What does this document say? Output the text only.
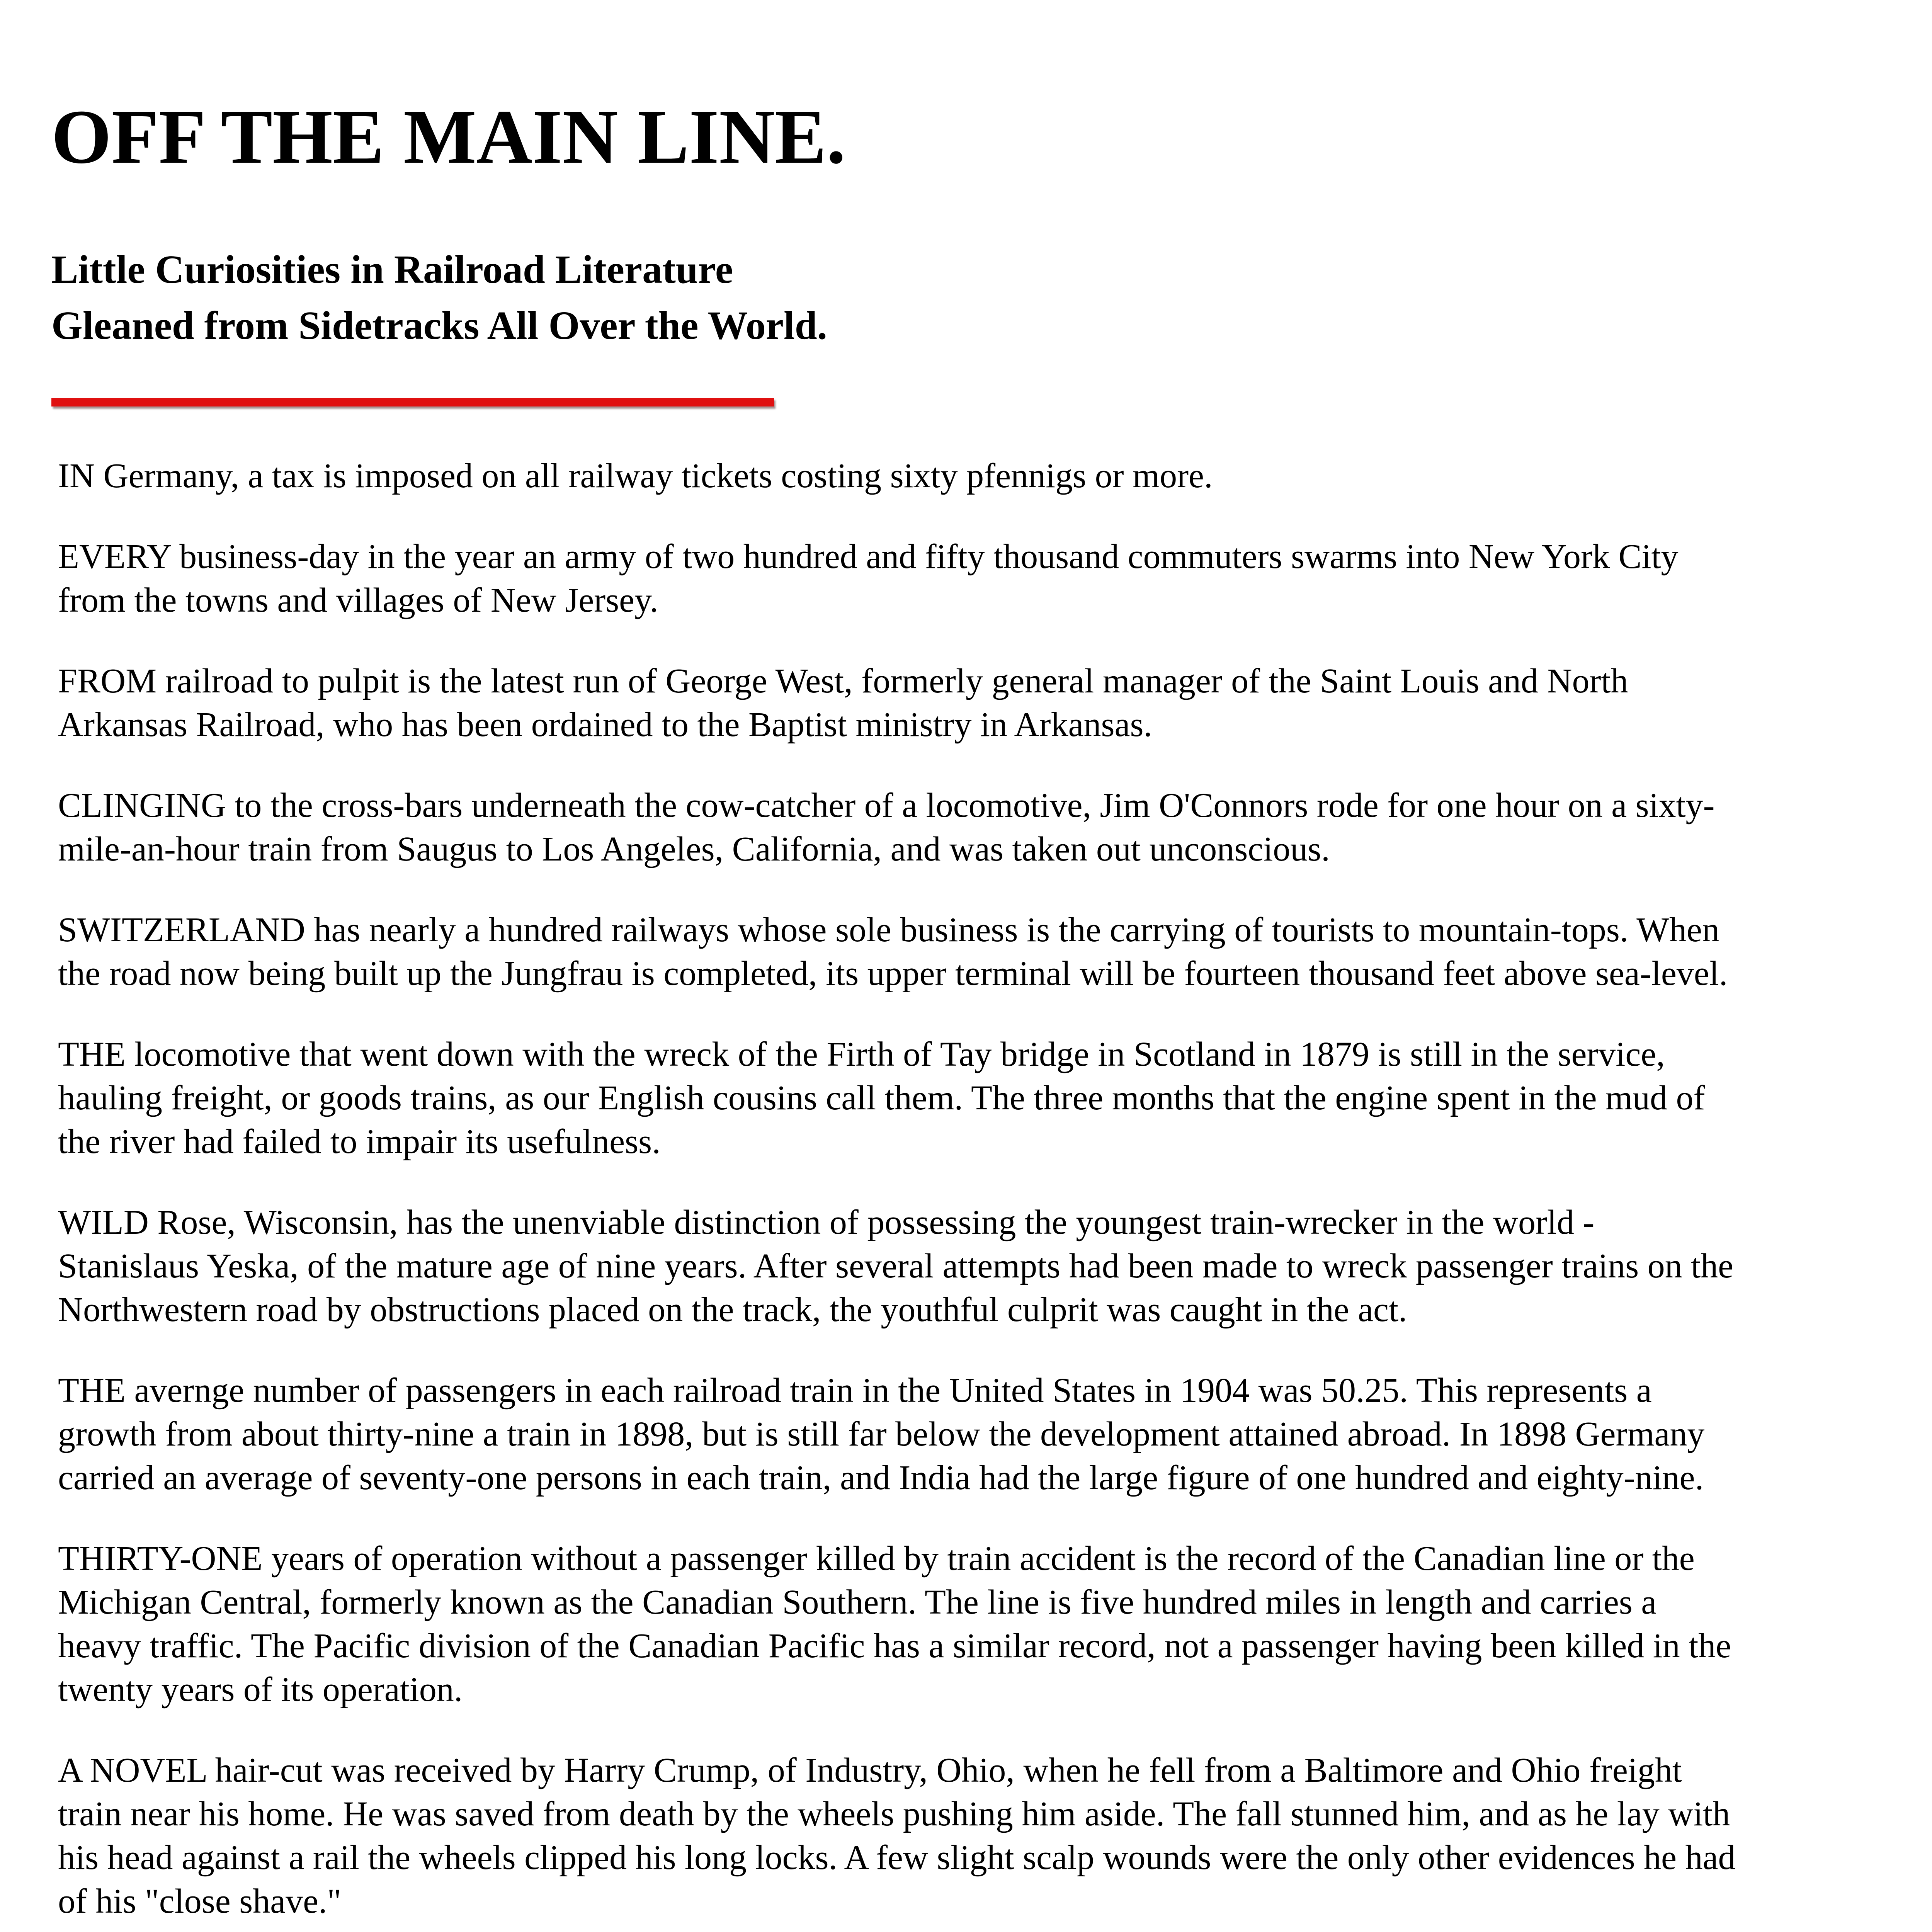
OFF THE MAIN LINE.
Little Curiosities in Railroad Literature
Gleaned from Sidetracks All Over the World.

IN Germany, a tax is imposed on all railway tickets costing sixty pfennigs or more.

EVERY business-day in the year an army of two hundred and fifty thousand commuters swarms into New York City from the towns and villages of New Jersey.

FROM railroad to pulpit is the latest run of George West, formerly general manager of the Saint Louis and North Arkansas Railroad, who has been ordained to the Baptist ministry in Arkansas.

CLINGING to the cross-bars underneath the cow-catcher of a locomotive, Jim O'Connors rode for one hour on a sixty-mile-an-hour train from Saugus to Los Angeles, California, and was taken out unconscious.

SWITZERLAND has nearly a hundred railways whose sole business is the carrying of tourists to mountain-tops. When the road now being built up the Jungfrau is completed, its upper terminal will be fourteen thousand feet above sea-level.

THE locomotive that went down with the wreck of the Firth of Tay bridge in Scotland in 1879 is still in the service, hauling freight, or goods trains, as our English cousins call them. The three months that the engine spent in the mud of the river had failed to impair its usefulness.

WILD Rose, Wisconsin, has the unenviable distinction of possessing the youngest train-wrecker in the world - Stanislaus Yeska, of the mature age of nine years. After several attempts had been made to wreck passenger trains on the Northwestern road by obstructions placed on the track, the youthful culprit was caught in the act.

THE avernge number of passengers in each railroad train in the United States in 1904 was 50.25. This represents a growth from about thirty-nine a train in 1898, but is still far below the development attained abroad. In 1898 Germany carried an average of seventy-one persons in each train, and India had the large figure of one hundred and eighty-nine.

THIRTY-ONE years of operation without a passenger killed by train accident is the record of the Canadian line or the Michigan Central, formerly known as the Canadian Southern. The line is five hundred miles in length and carries a heavy traffic. The Pacific division of the Canadian Pacific has a similar record, not a passenger having been killed in the twenty years of its operation.

A NOVEL hair-cut was received by Harry Crump, of Industry, Ohio, when he fell from a Baltimore and Ohio freight train near his home. He was saved from death by the wheels pushing him aside. The fall stunned him, and as he lay with his head against a rail the wheels clipped his long locks. A few slight scalp wounds were the only other evidences he had of his "close shave."
